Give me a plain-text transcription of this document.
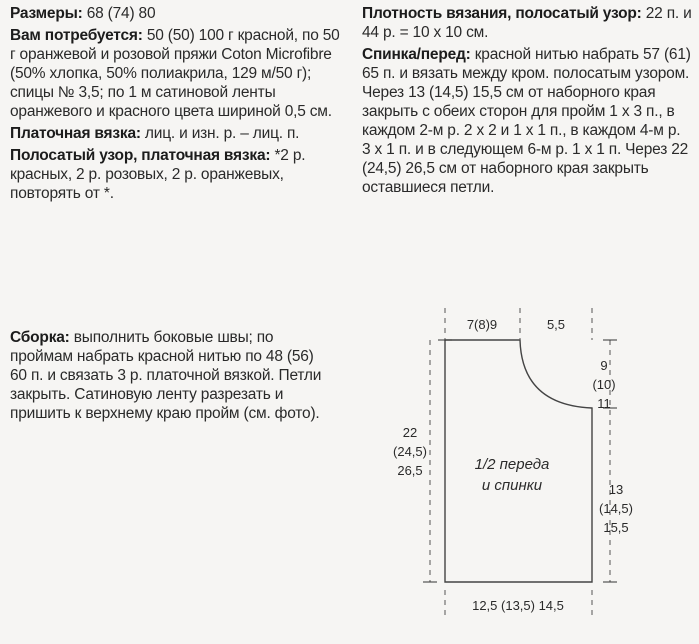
Размеры: 68 (74) 80

Вам потребуется: 50 (50) 100 г красной, по 50 г оранжевой и розовой пряжи Coton Microfibre (50% хлопка, 50% полиакрила, 129 м/50 г); спицы № 3,5; по 1 м сатиновой ленты оранжевого и красного цвета шириной 0,5 см.

Платочная вязка: лиц. и изн. р. – лиц. п.

Полосатый узор, платочная вязка: *2 р. красных, 2 р. розовых, 2 р. оранжевых, повторять от *.

Сборка: выполнить боковые швы; по проймам набрать красной нитью по 48 (56) 60 п. и связать 3 р. платочной вязкой. Петли закрыть. Сатиновую ленту разрезать и пришить к верхнему краю пройм (см. фото).

Плотность вязания, полосатый узор: 22 п. и 44 р. = 10 х 10 см.

Спинка/перед: красной нитью набрать 57 (61) 65 п. и вязать между кром. полосатым узором. Через 13 (14,5) 15,5 см от наборного края закрыть с обеих сторон для пройм 1 х 3 п., в каждом 2-м р. 2 х 2 и 1 х 1 п., в каждом 4-м р. 3 х 1 п. и в следующем 6-м р. 1 х 1 п. Через 22 (24,5) 26,5 см от наборного края закрыть оставшиеся петли.

7(8)9	5,5
9
(10)
11
22
(24,5)
26,5
13
(14,5)
15,5
1/2 переда
и спинки
12,5 (13,5) 14,5
